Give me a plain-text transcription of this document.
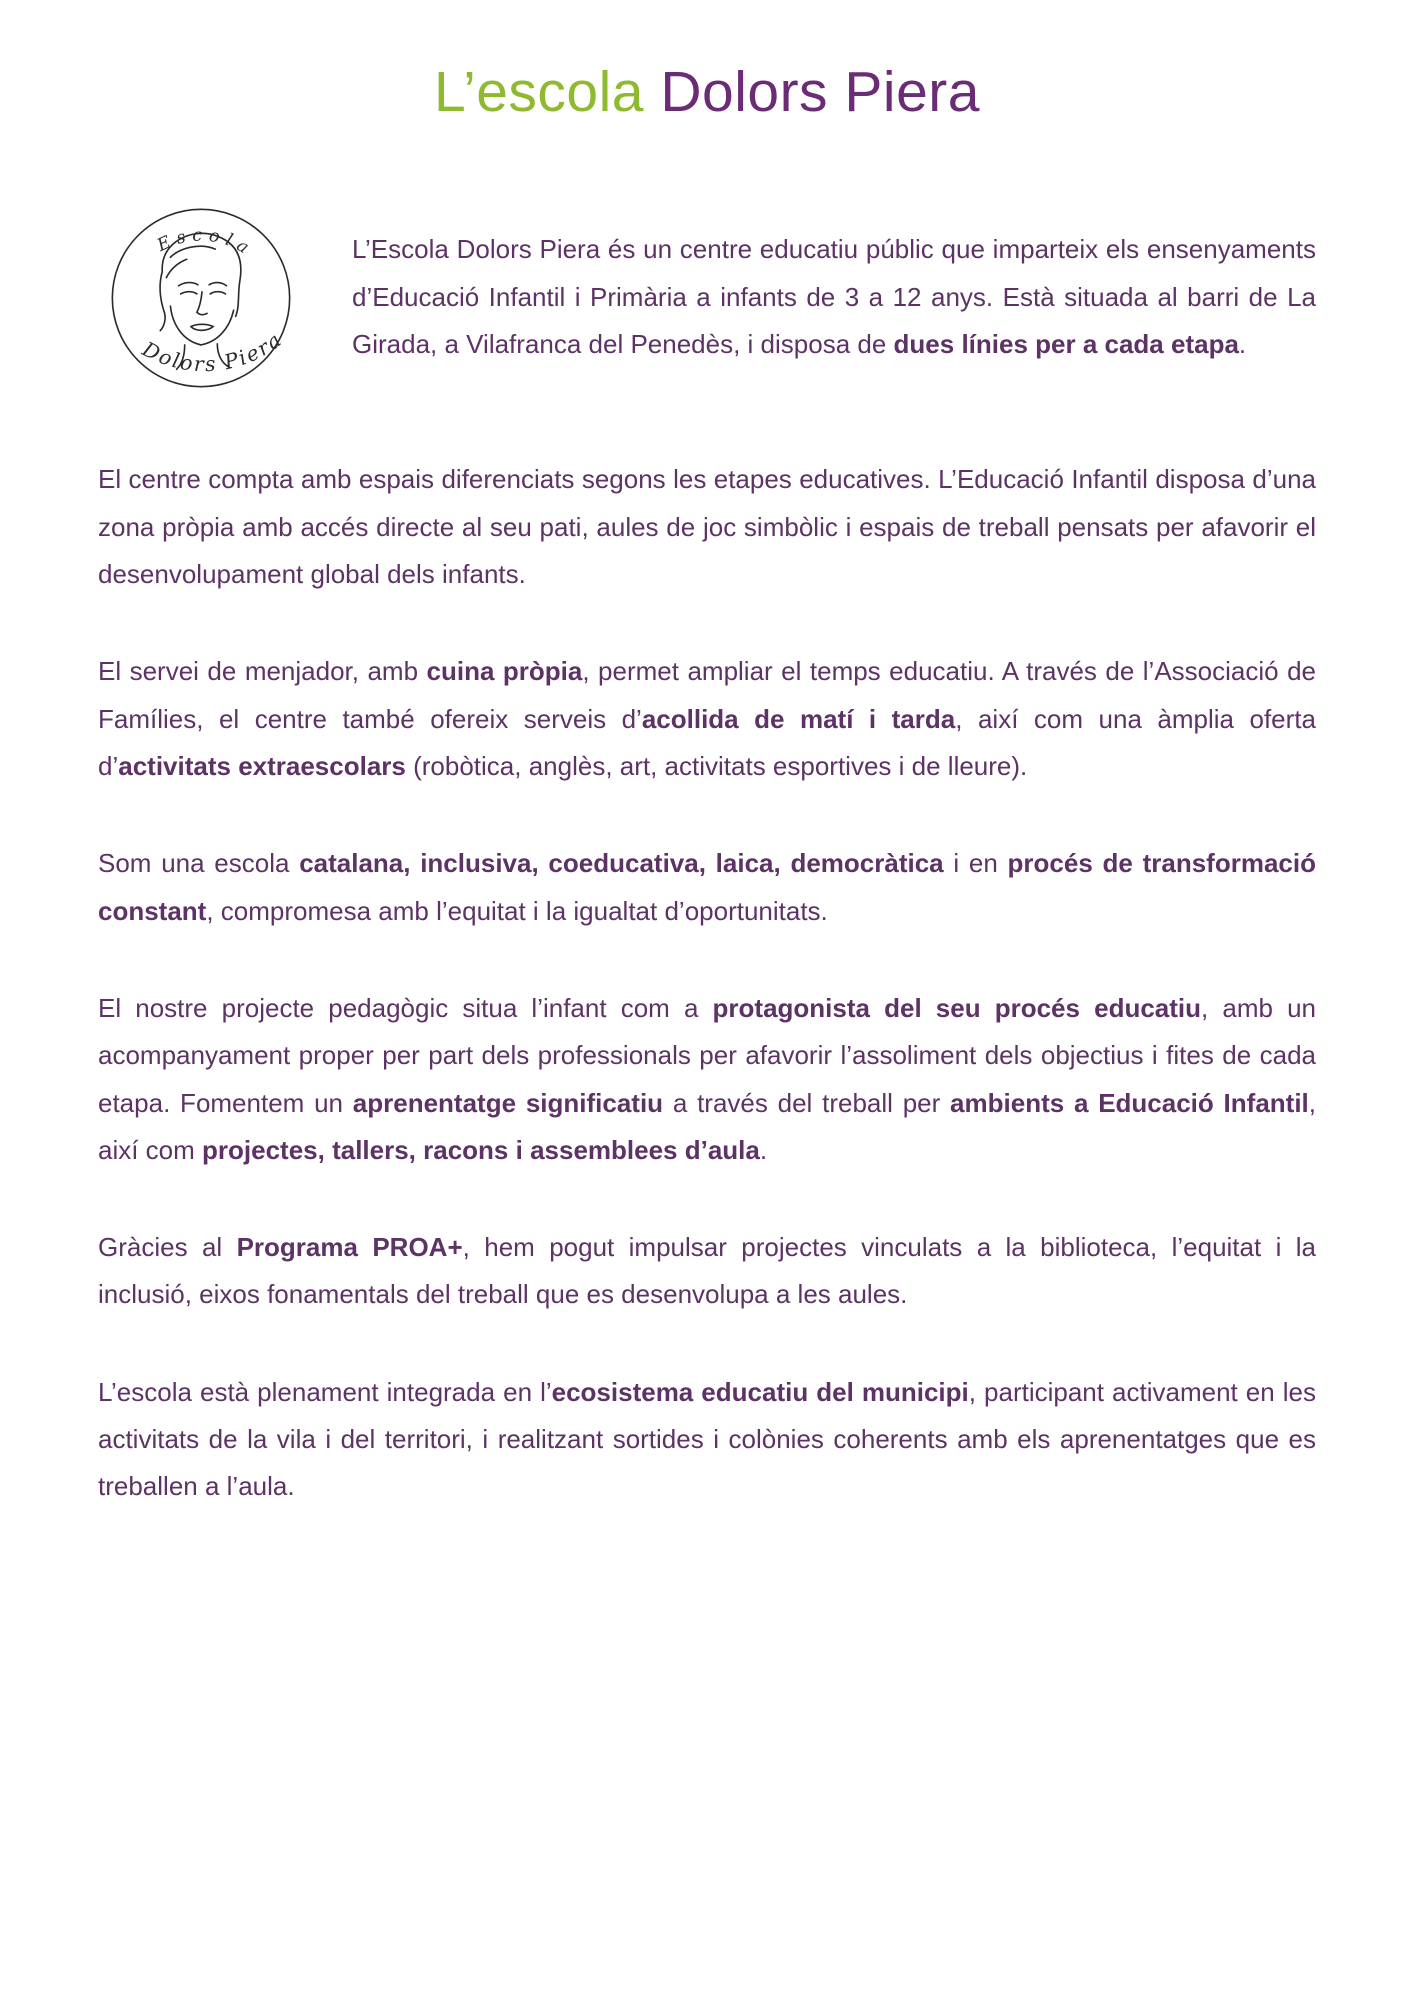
L’escola Dolors Piera
Escola
Dolors Piera

L’Escola Dolors Piera és un centre educatiu públic que imparteix els ensenyaments d’Educació Infantil i Primària a infants de 3 a 12 anys. Està situada al barri de La Girada, a Vilafranca del Penedès, i disposa de dues línies per a cada etapa.

El centre compta amb espais diferenciats segons les etapes educatives. L’Educació Infantil disposa d’una zona pròpia amb accés directe al seu pati, aules de joc simbòlic i espais de treball pensats per afavorir el desenvolupament global dels infants.

El servei de menjador, amb cuina pròpia, permet ampliar el temps educatiu. A través de l’Associació de Famílies, el centre també ofereix serveis d’acollida de matí i tarda, així com una àmplia oferta d’activitats extraescolars (robòtica, anglès, art, activitats esportives i de lleure).

Som una escola catalana, inclusiva, coeducativa, laica, democràtica i en procés de transformació constant, compromesa amb l’equitat i la igualtat d’oportunitats.

El nostre projecte pedagògic situa l’infant com a protagonista del seu procés educatiu, amb un acompanyament proper per part dels professionals per afavorir l’assoliment dels objectius i fites de cada etapa. Fomentem un aprenentatge significatiu a través del treball per ambients a Educació Infantil, així com projectes, tallers, racons i assemblees d’aula.

Gràcies al Programa PROA+, hem pogut impulsar projectes vinculats a la biblioteca, l’equitat i la inclusió, eixos fonamentals del treball que es desenvolupa a les aules.

L’escola està plenament integrada en l’ecosistema educatiu del municipi, participant activament en les activitats de la vila i del territori, i realitzant sortides i colònies coherents amb els aprenentatges que es treballen a l’aula.
